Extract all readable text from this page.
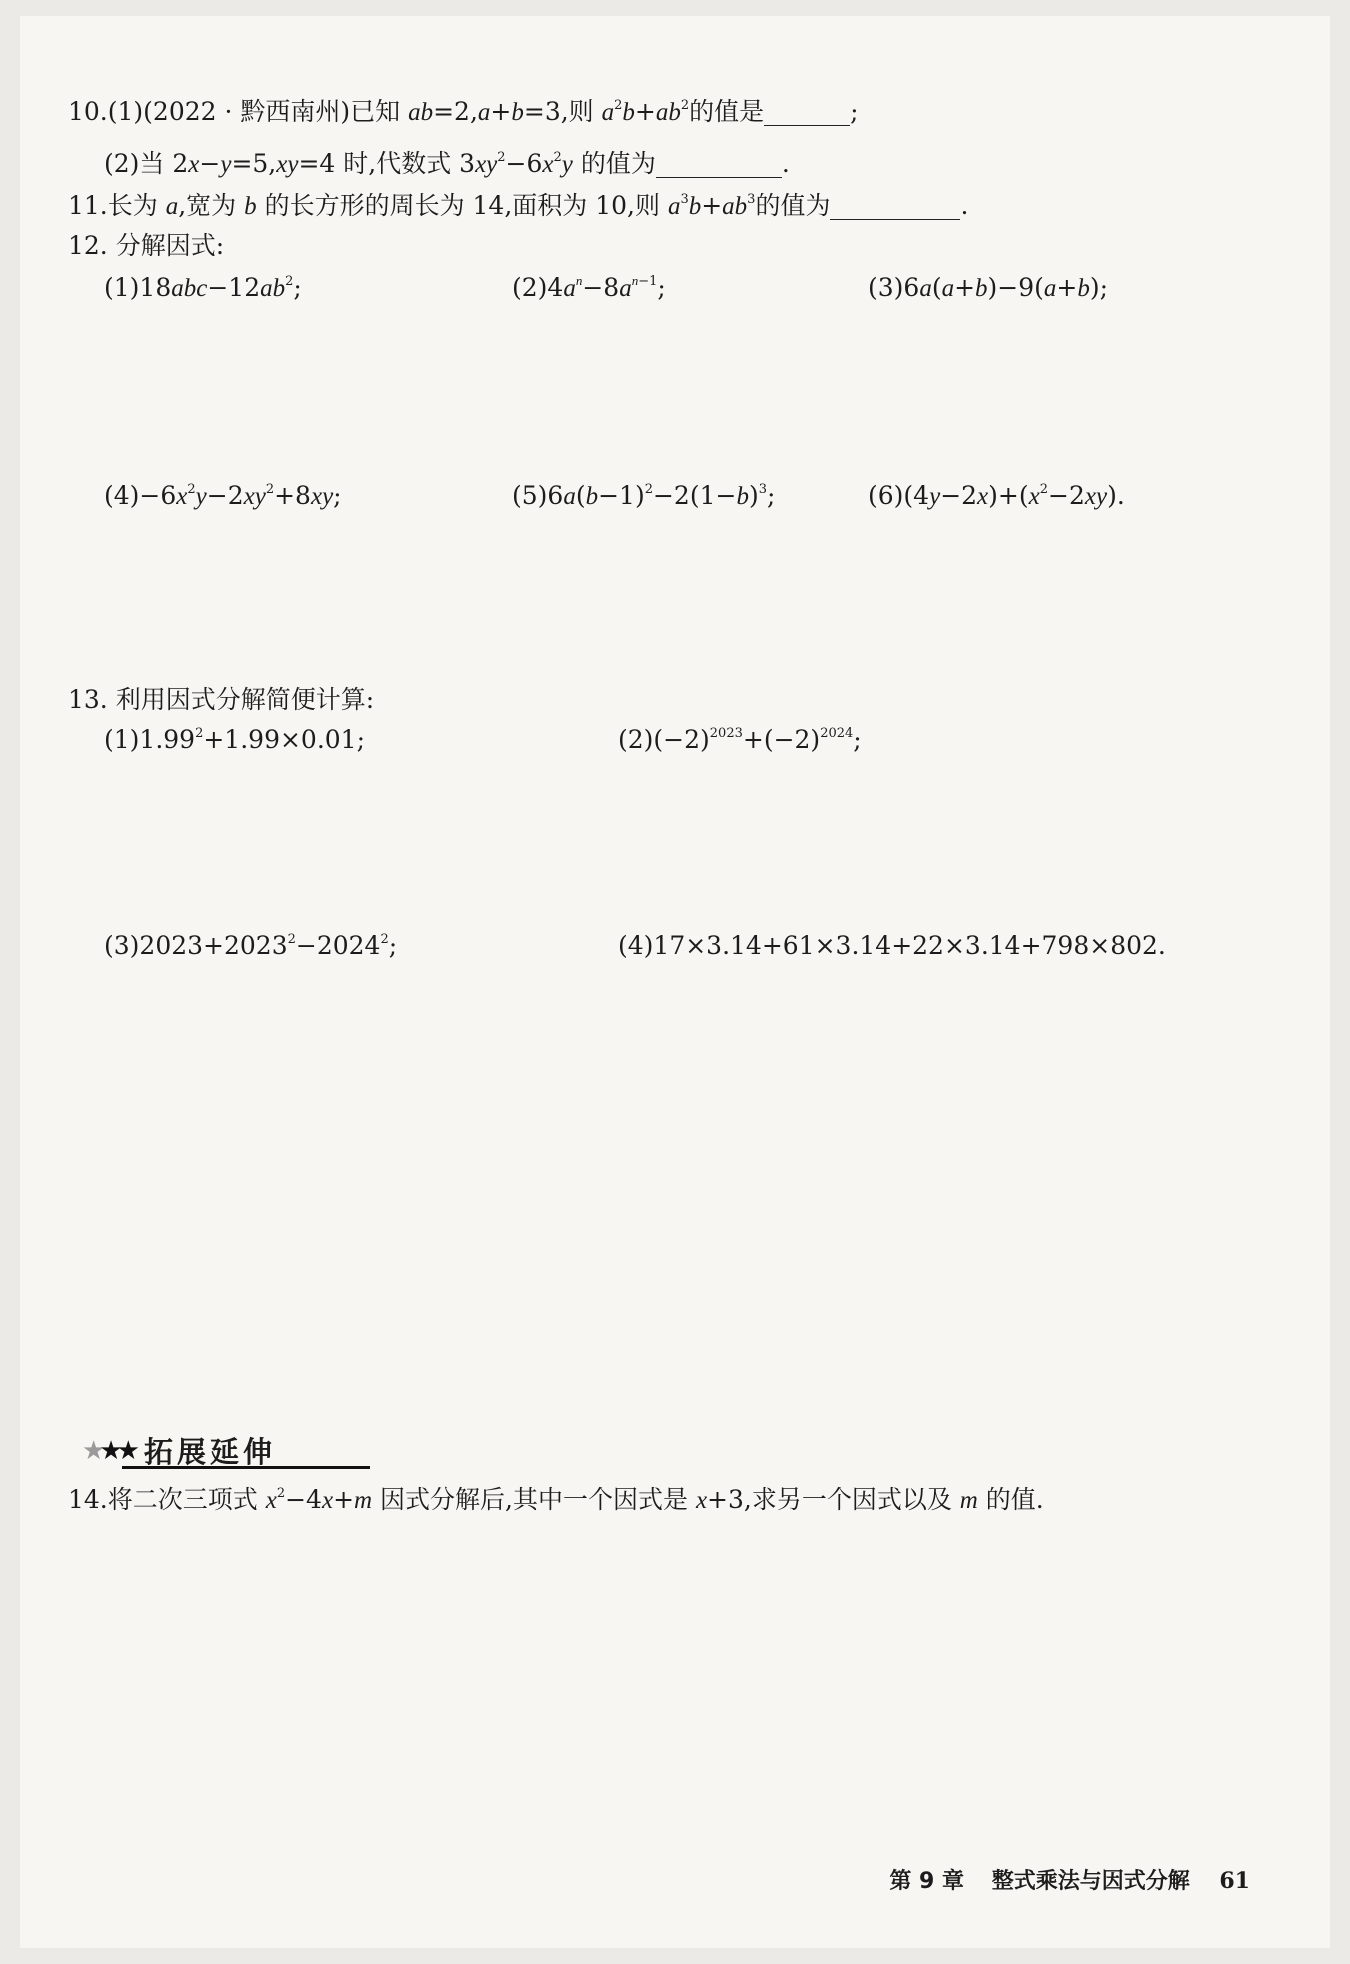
10.(1)(2022 · 黔西南州)已知 ab=2,a+b=3,则 $a^2b+ab^2$的值是	;
(2)当 2x−y=5,xy=4 时,代数式 $3xy^2-6x^2y$ 的值为	.
11.长为 a,宽为 b 的长方形的周长为 14,面积为 10,则 $a^3b+ab^3$的值为	.
12. 分解因式:
$(1)18abc-12ab^2$;	$(2)4a^n-8a^{n-1}$;	(3)6a(a+b)−9(a+b);
$(4)-6x^2y-2xy^2+8xy$;	$(5)6a(b-1)^2-2(1-b)^3$;	$(6)(4y-2x)+(x^2-2xy)$.
13. 利用因式分解简便计算:
$(1)1.99^2+1.99\times 0.01$;	$(2)(-2)^{2023}+(-2)^{2024}$;
$(3)2023+2023^2-2024^2$;	(4)17×3.14+61×3.14+22×3.14+798×802.
★★★ 拓展延伸
14.将二次三项式 $x^2-4x+m$ 因式分解后,其中一个因式是 x+3,求另一个因式以及 m 的值.
第 9 章 整式乘法与因式分解 61
